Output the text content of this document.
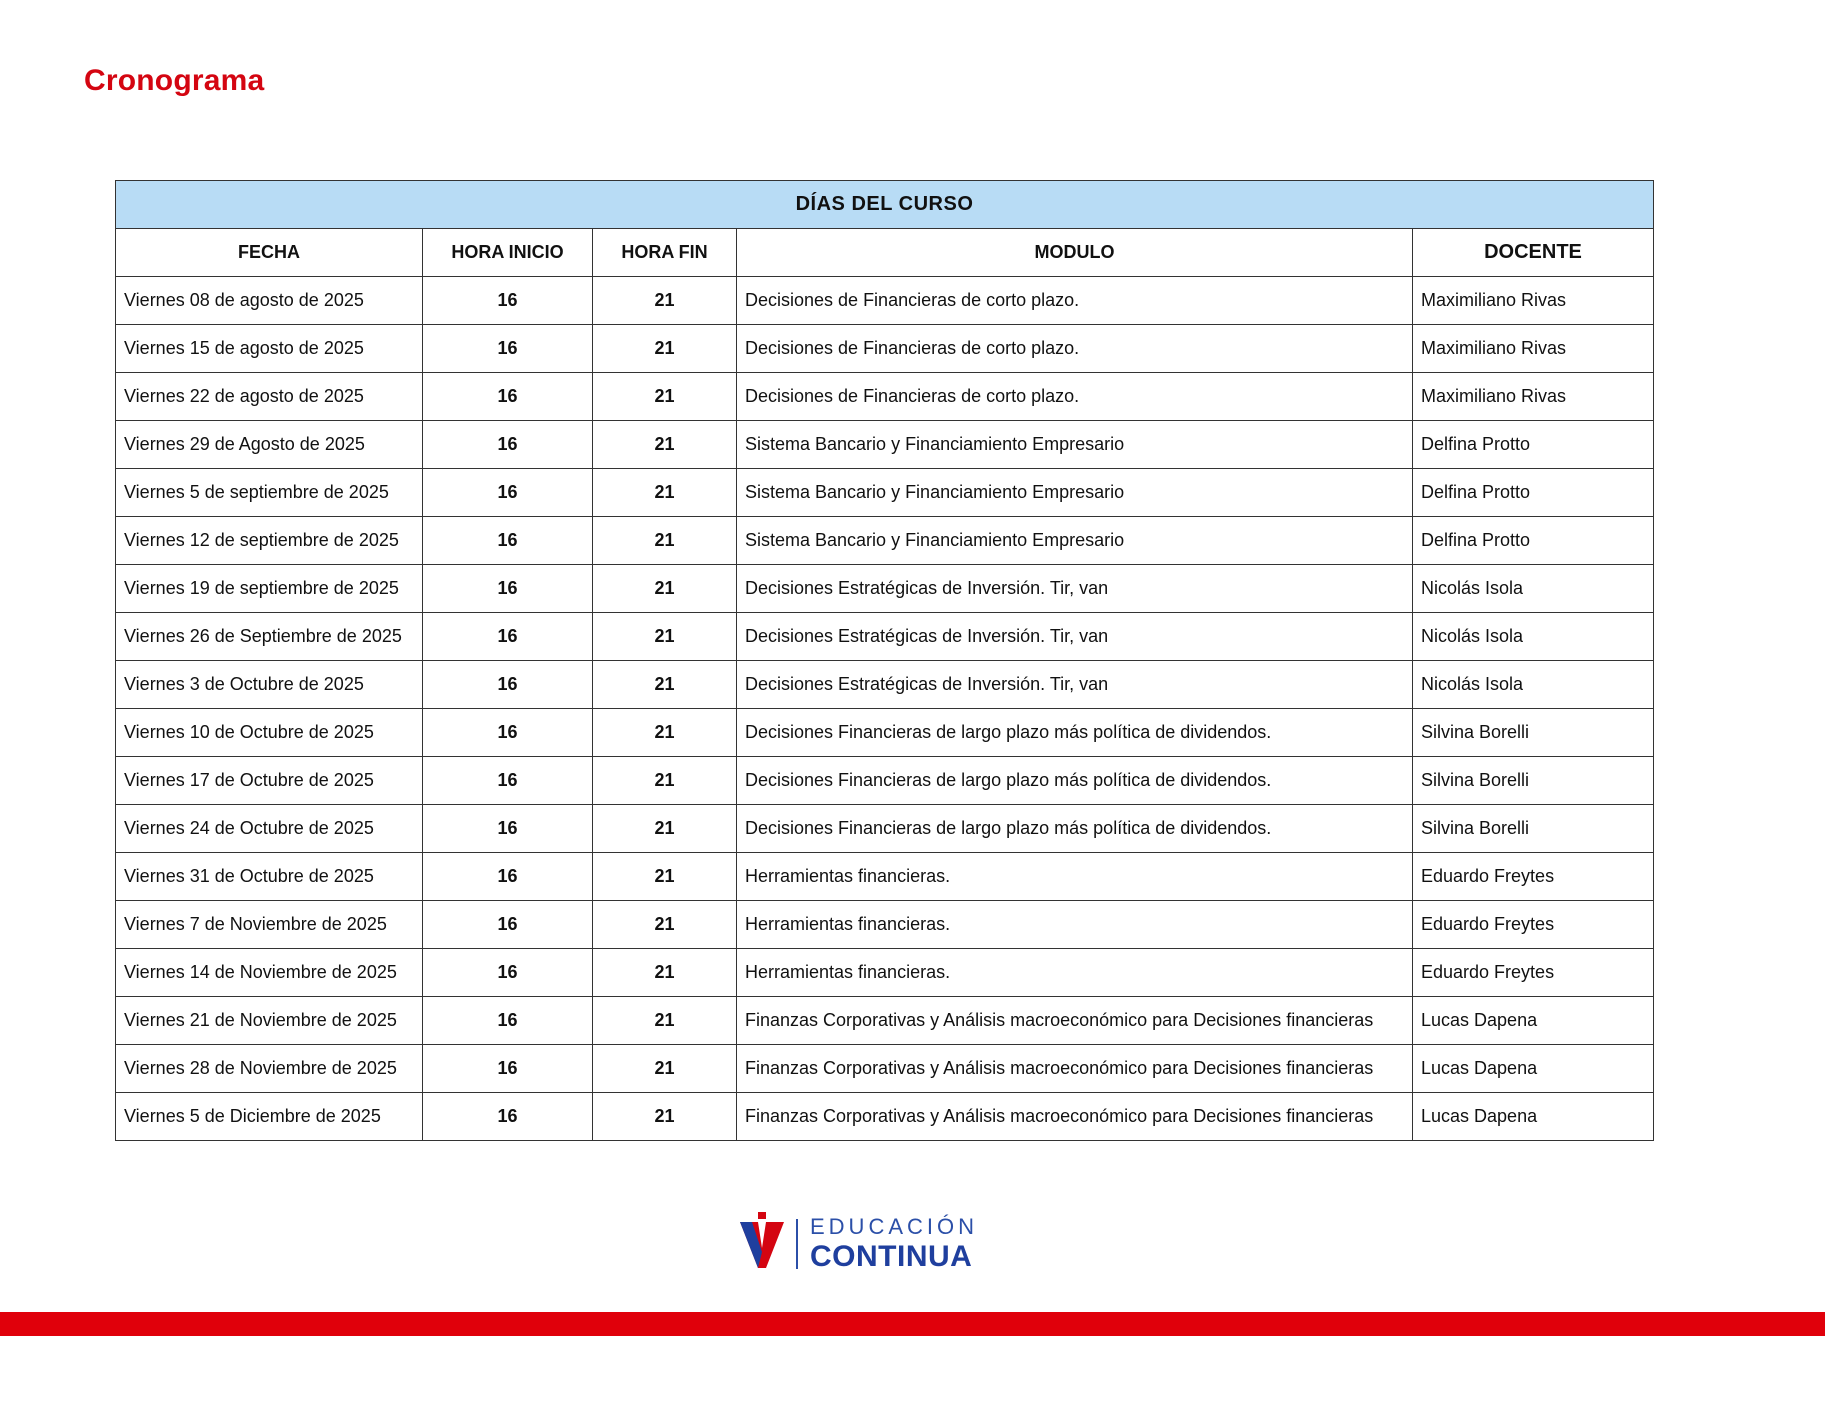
Cronograma
DÍAS DEL CURSO				
FECHA	HORA INICIO	HORA FIN	MODULO	DOCENTE
Viernes 08 de agosto de 2025	16	21	Decisiones de Financieras de corto plazo.	Maximiliano Rivas
Viernes 15 de agosto de 2025	16	21	Decisiones de Financieras de corto plazo.	Maximiliano Rivas
Viernes 22 de agosto de 2025	16	21	Decisiones de Financieras de corto plazo.	Maximiliano Rivas
Viernes 29 de Agosto de 2025	16	21	Sistema Bancario y Financiamiento Empresario	Delfina Protto
Viernes 5 de septiembre de 2025	16	21	Sistema Bancario y Financiamiento Empresario	Delfina Protto
Viernes 12 de septiembre de 2025	16	21	Sistema Bancario y Financiamiento Empresario	Delfina Protto
Viernes 19 de septiembre de 2025	16	21	Decisiones Estratégicas de Inversión. Tir, van	Nicolás Isola
Viernes 26 de Septiembre de 2025	16	21	Decisiones Estratégicas de Inversión. Tir, van	Nicolás Isola
Viernes 3 de Octubre de 2025	16	21	Decisiones Estratégicas de Inversión. Tir, van	Nicolás Isola
Viernes 10 de Octubre de 2025	16	21	Decisiones Financieras de largo plazo más política de dividendos.	Silvina Borelli
Viernes 17 de Octubre de 2025	16	21	Decisiones Financieras de largo plazo más política de dividendos.	Silvina Borelli
Viernes 24 de Octubre de 2025	16	21	Decisiones Financieras de largo plazo más política de dividendos.	Silvina Borelli
Viernes 31 de Octubre de 2025	16	21	Herramientas financieras.	Eduardo Freytes
Viernes 7 de Noviembre de 2025	16	21	Herramientas financieras.	Eduardo Freytes
Viernes 14 de Noviembre de 2025	16	21	Herramientas financieras.	Eduardo Freytes
Viernes 21 de Noviembre de 2025	16	21	Finanzas Corporativas y Análisis macroeconómico para Decisiones financieras	Lucas Dapena
Viernes 28 de Noviembre de 2025	16	21	Finanzas Corporativas y Análisis macroeconómico para Decisiones financieras	Lucas Dapena
Viernes 5 de Diciembre de 2025	16	21	Finanzas Corporativas y Análisis macroeconómico para Decisiones financieras	Lucas Dapena
EDUCACIÓN
CONTINUA
